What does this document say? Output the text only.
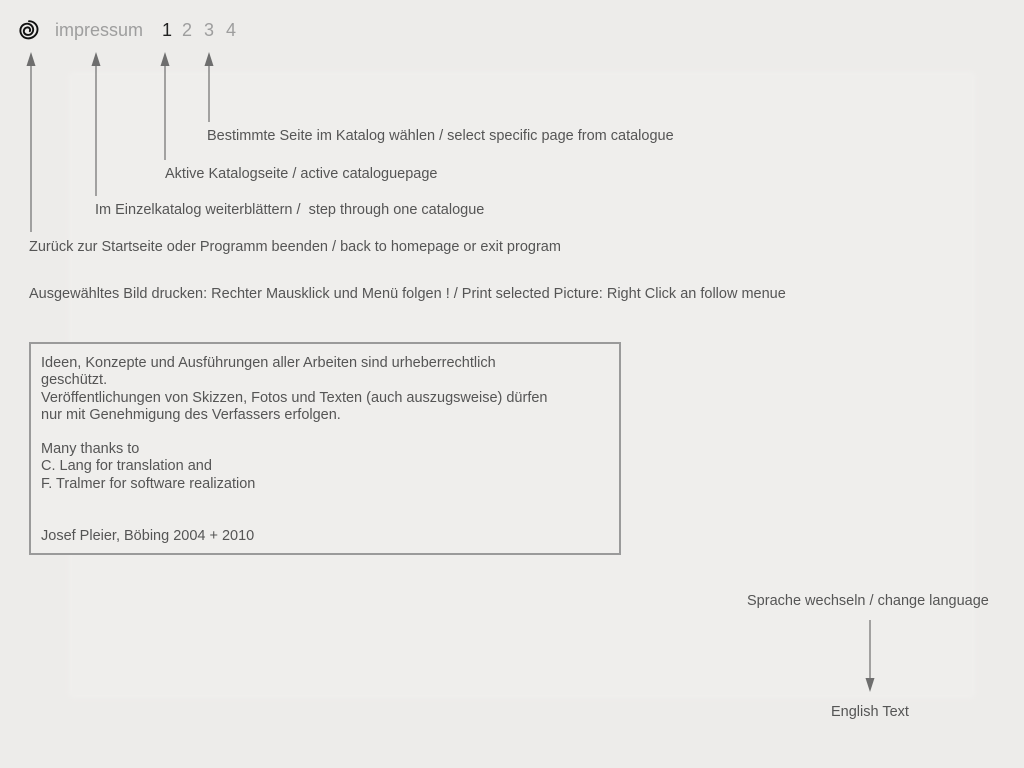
impressum 1 2 3 4
Bestimmte Seite im Katalog wählen / select specific page from catalogue
Aktive Katalogseite / active cataloguepage
Im Einzelkatalog weiterblättern /  step through one catalogue
Zurück zur Startseite oder Programm beenden / back to homepage or exit program
Ausgewähltes Bild drucken: Rechter Mausklick und Menü folgen ! / Print selected Picture: Right Click an follow menue

Ideen, Konzepte und Ausführungen aller Arbeiten sind urheberrechtlich

geschützt.

Veröffentlichungen von Skizzen, Fotos und Texten (auch auszugsweise) dürfen

nur mit Genehmigung des Verfassers erfolgen.

Many thanks to

C. Lang for translation and

F. Tralmer for software realization

Josef Pleier, Böbing 2004 + 2010

Sprache wechseln / change language
English Text
